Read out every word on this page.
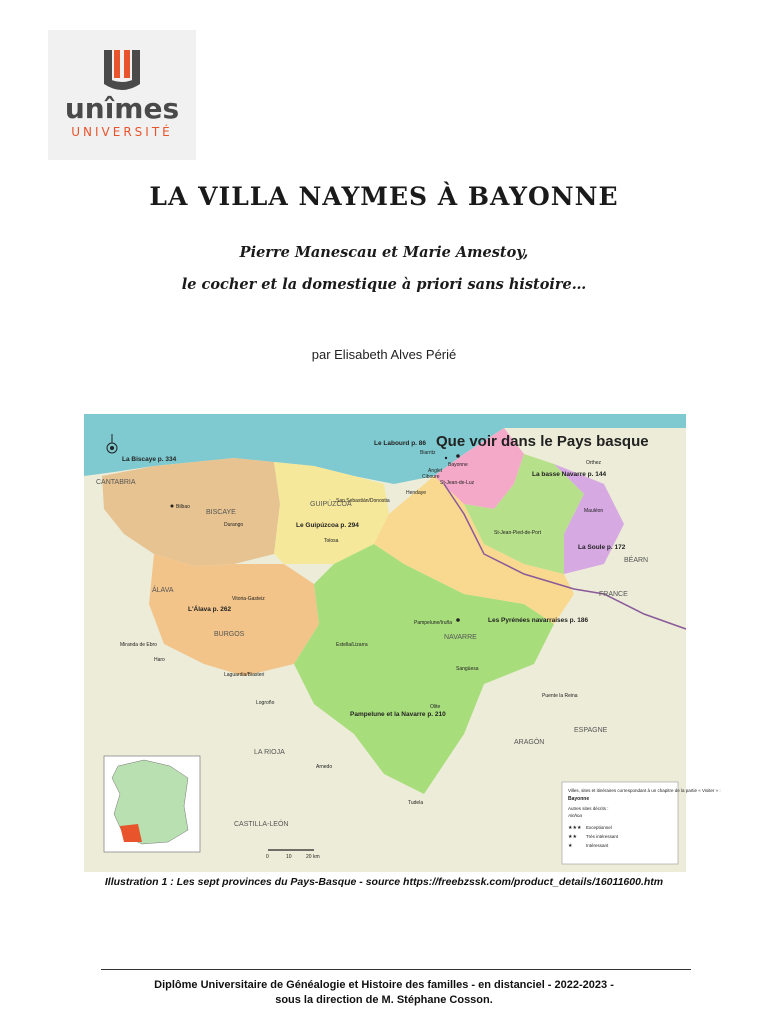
unîmes
UNIVERSITÉ
LA VILLA NAYMES À BAYONNE
Pierre Manescau et Marie Amestoy,
le cocher et la domestique à priori sans histoire…
par Elisabeth Alves Périé
Que voir dans le Pays basque
Le Labourd p. 86
La basse Navarre p. 144
La Soule p. 172
La Biscaye p. 334
Le Guipúzcoa p. 294
L'Álava p. 262
Les Pyrénées navarraises p. 186
Pampelune et la Navarre p. 210
FRANCE
ESPAGNE
BÉARN
ARAGÓN
NAVARRE
LA RIOJA
CASTILLA-LEÓN
CANTABRIA
BURGOS
ÁLAVA
BISCAYE
GUIPÚZCOA
Bayonne
Biarritz
Anglet
Bilbao
Durango
Tolosa
Hendaye
Pampelune/Iruña
Estella/Lizarra
Olite
Tudela
Mauléon
Orthez
Logroño
Laguardia/Biasteri
Vitoria-Gasteiz
Ciboure
St-Jean-de-Luz
St-Jean-Pied-de-Port
San Sebastián/Donostia
Sangüesa
Puente la Reina
Haro
Miranda de Ebro
Arnedo
Villes, sites et itinéraires correspondant à un chapitre de la partie « Visiter » :
Bayonne
Autres sites décrits :
Ainhoa
★★★ Exceptionnel
★★ Très intéressant
★	Intéressant
0	10	20 km
Illustration 1 : Les sept provinces du Pays-Basque - source https://freebzssk.com/product_details/16011600.htm
Diplôme Universitaire de Généalogie et Histoire des familles - en distanciel - 2022-2023 -
sous la direction de M. Stéphane Cosson.
